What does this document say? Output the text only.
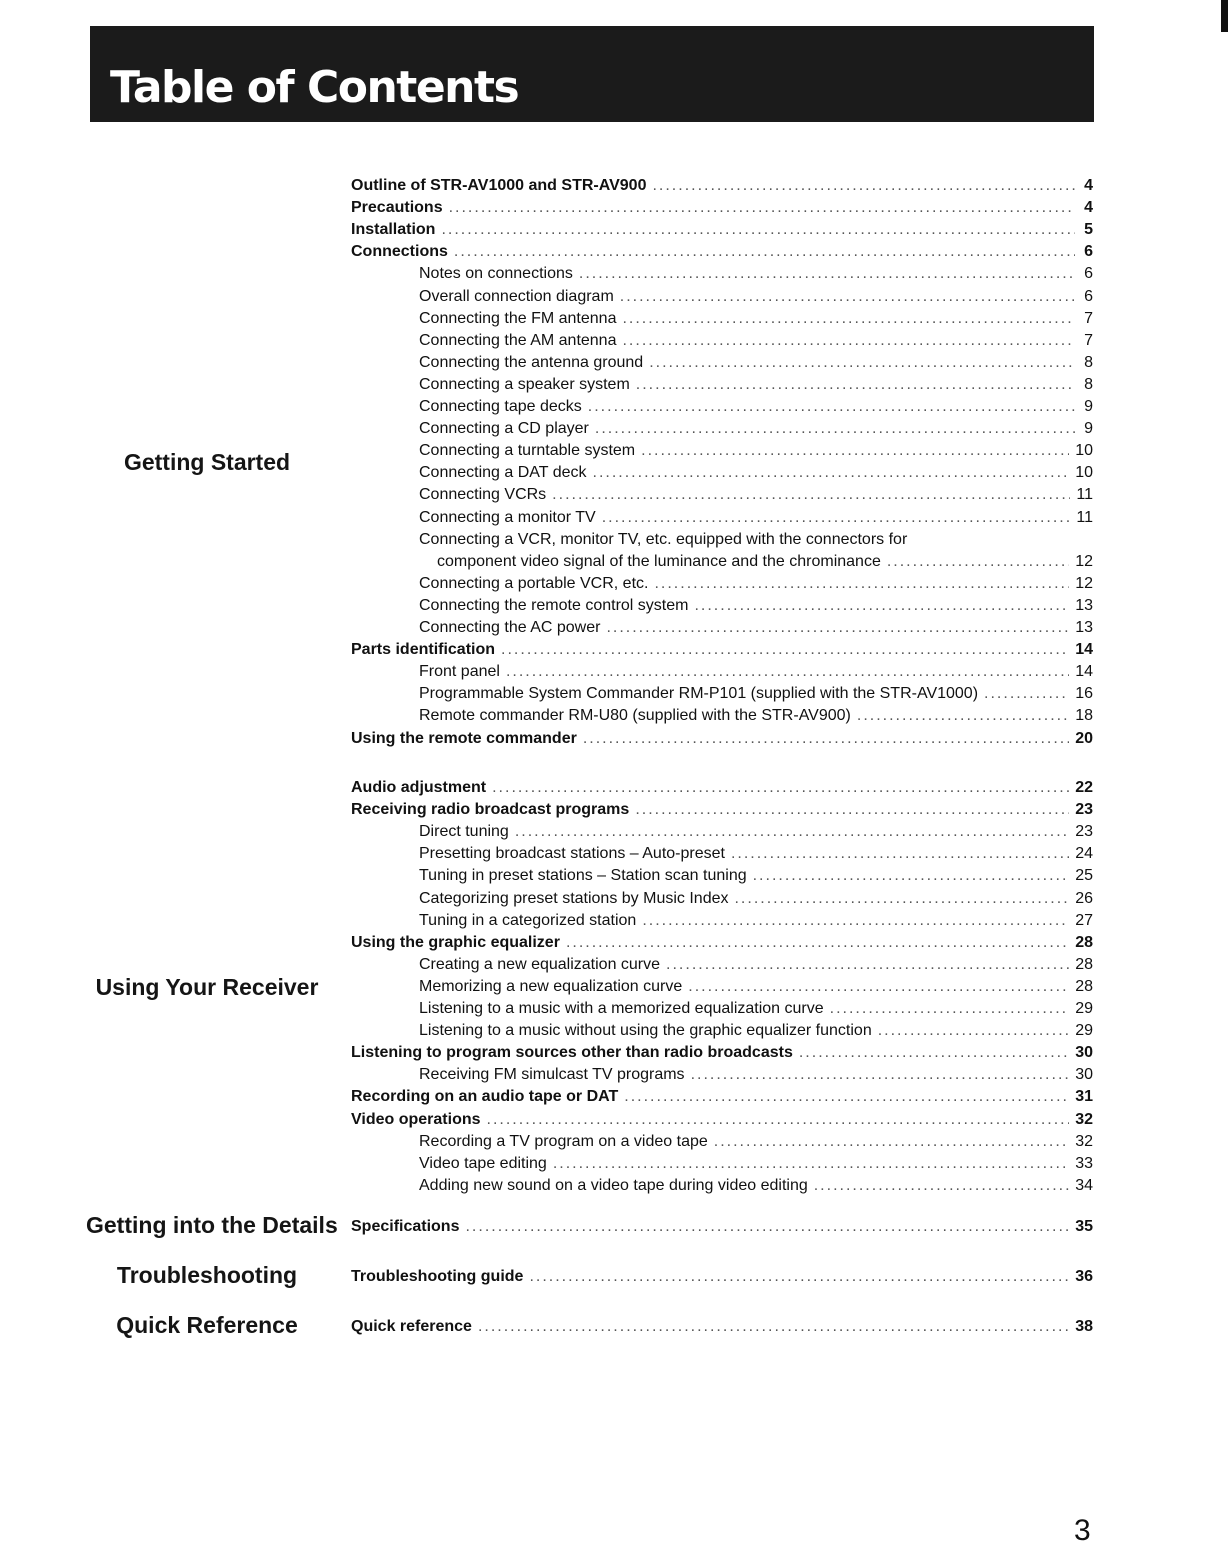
Table of Contents
Getting Started
Using Your Receiver
Getting into the Details
Troubleshooting
Quick Reference
Outline of STR-AV1000 and STR-AV900 .....	4
Precautions .....	4
Installation .....	5
Connections .....	6
Notes on connections .....	6
Overall connection diagram .....	6
Connecting the FM antenna .....	7
Connecting the AM antenna .....	7
Connecting the antenna ground .....	8
Connecting a speaker system .....	8
Connecting tape decks .....	9
Connecting a CD player .....	9
Connecting a turntable system .....	10
Connecting a DAT deck .....	10
Connecting VCRs .....	11
Connecting a monitor TV .....	11
Connecting a VCR, monitor TV, etc. equipped with the connectors for
component video signal of the luminance and the chrominance .....	12
Connecting a portable VCR, etc. .....	12
Connecting the remote control system .....	13
Connecting the AC power .....	13
Parts identification .....	14
Front panel .....	14
Programmable System Commander RM-P101 (supplied with the STR-AV1000) .....	16
Remote commander RM-U80 (supplied with the STR-AV900) .....	18
Using the remote commander .....	20
Audio adjustment .....	22
Receiving radio broadcast programs .....	23
Direct tuning .....	23
Presetting broadcast stations – Auto-preset .....	24
Tuning in preset stations – Station scan tuning .....	25
Categorizing preset stations by Music Index .....	26
Tuning in a categorized station .....	27
Using the graphic equalizer .....	28
Creating a new equalization curve .....	28
Memorizing a new equalization curve .....	28
Listening to a music with a memorized equalization curve .....	29
Listening to a music without using the graphic equalizer function .....	29
Listening to program sources other than radio broadcasts .....	30
Receiving FM simulcast TV programs .....	30
Recording on an audio tape or DAT .....	31
Video operations .....	32
Recording a TV program on a video tape .....	32
Video tape editing .....	33
Adding new sound on a video tape during video editing .....	34
Specifications .....	35
Troubleshooting guide .....	36
Quick reference .....	38
3
